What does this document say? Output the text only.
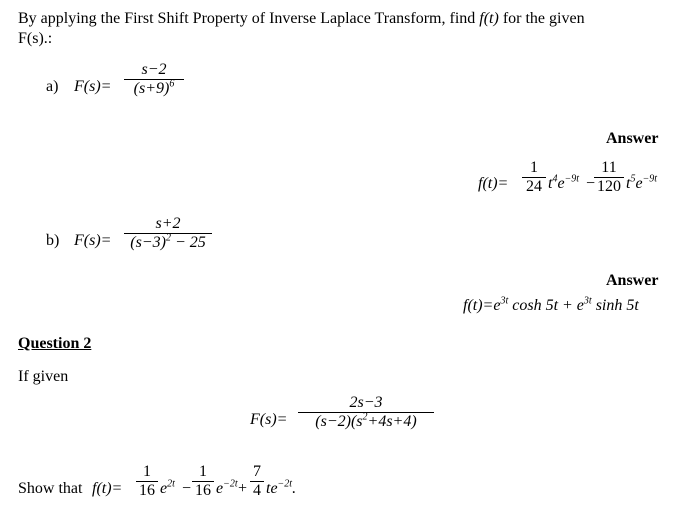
By applying the First Shift Property of Inverse Laplace Transform, find f(t) for the given
F(s).:
a) F(s)=
s−2
$(s+9)^6$
Answer
f(t)=
1
24 $t^4e^{-9t}$ −
11
120 $t^5e^{-9t}$
b) F(s)=
s+2
$(s-3)^2 - 25$
Answer
$f(t)=e^{3t}$ $\cosh 5t + e^{3t}$ sinh 5t
Question 2
If given
F(s)=
2s−3
$(s-2)(s^2+4s+4)$
Show that f(t)=
1
16 $e^{2t}$ −
1
16 $e^{-2t}$ +
7
4 $te^{-2t}$.
